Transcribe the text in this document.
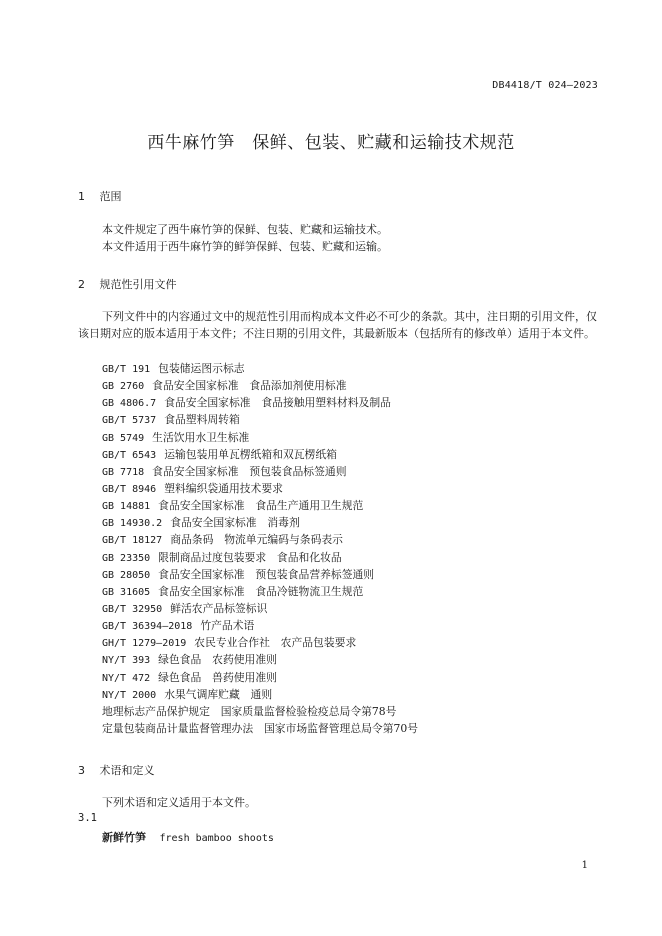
DB4418/T 024—2023
西牛麻竹笋　保鲜、包装、贮藏和运输技术规范
1 范围
本文件规定了西牛麻竹笋的保鲜、包装、贮藏和运输技术。
本文件适用于西牛麻竹笋的鲜笋保鲜、包装、贮藏和运输。
2 规范性引用文件
下列文件中的内容通过文中的规范性引用而构成本文件必不可少的条款。其中，注日期的引用文件，仅该日期对应的版本适用于本文件；不注日期的引用文件，其最新版本（包括所有的修改单）适用于本文件。
GB/T 191 包装储运图示标志
GB 2760 食品安全国家标准　食品添加剂使用标准
GB 4806.7 食品安全国家标准　食品接触用塑料材料及制品
GB/T 5737 食品塑料周转箱
GB 5749 生活饮用水卫生标准
GB/T 6543 运输包装用单瓦楞纸箱和双瓦楞纸箱
GB 7718 食品安全国家标准　预包装食品标签通则
GB/T 8946 塑料编织袋通用技术要求
GB 14881 食品安全国家标准　食品生产通用卫生规范
GB 14930.2 食品安全国家标准　消毒剂
GB/T 18127 商品条码　物流单元编码与条码表示
GB 23350 限制商品过度包装要求　食品和化妆品
GB 28050 食品安全国家标准　预包装食品营养标签通则
GB 31605 食品安全国家标准　食品冷链物流卫生规范
GB/T 32950 鲜活农产品标签标识
GB/T 36394—2018 竹产品术语
GH/T 1279—2019 农民专业合作社　农产品包装要求
NY/T 393 绿色食品　农药使用准则
NY/T 472 绿色食品　兽药使用准则
NY/T 2000 水果气调库贮藏　通则
地理标志产品保护规定　国家质量监督检验检疫总局令第78号
定量包装商品计量监督管理办法　国家市场监督管理总局令第70号
3 术语和定义
下列术语和定义适用于本文件。
3.1
新鲜竹笋 fresh bamboo shoots
1
